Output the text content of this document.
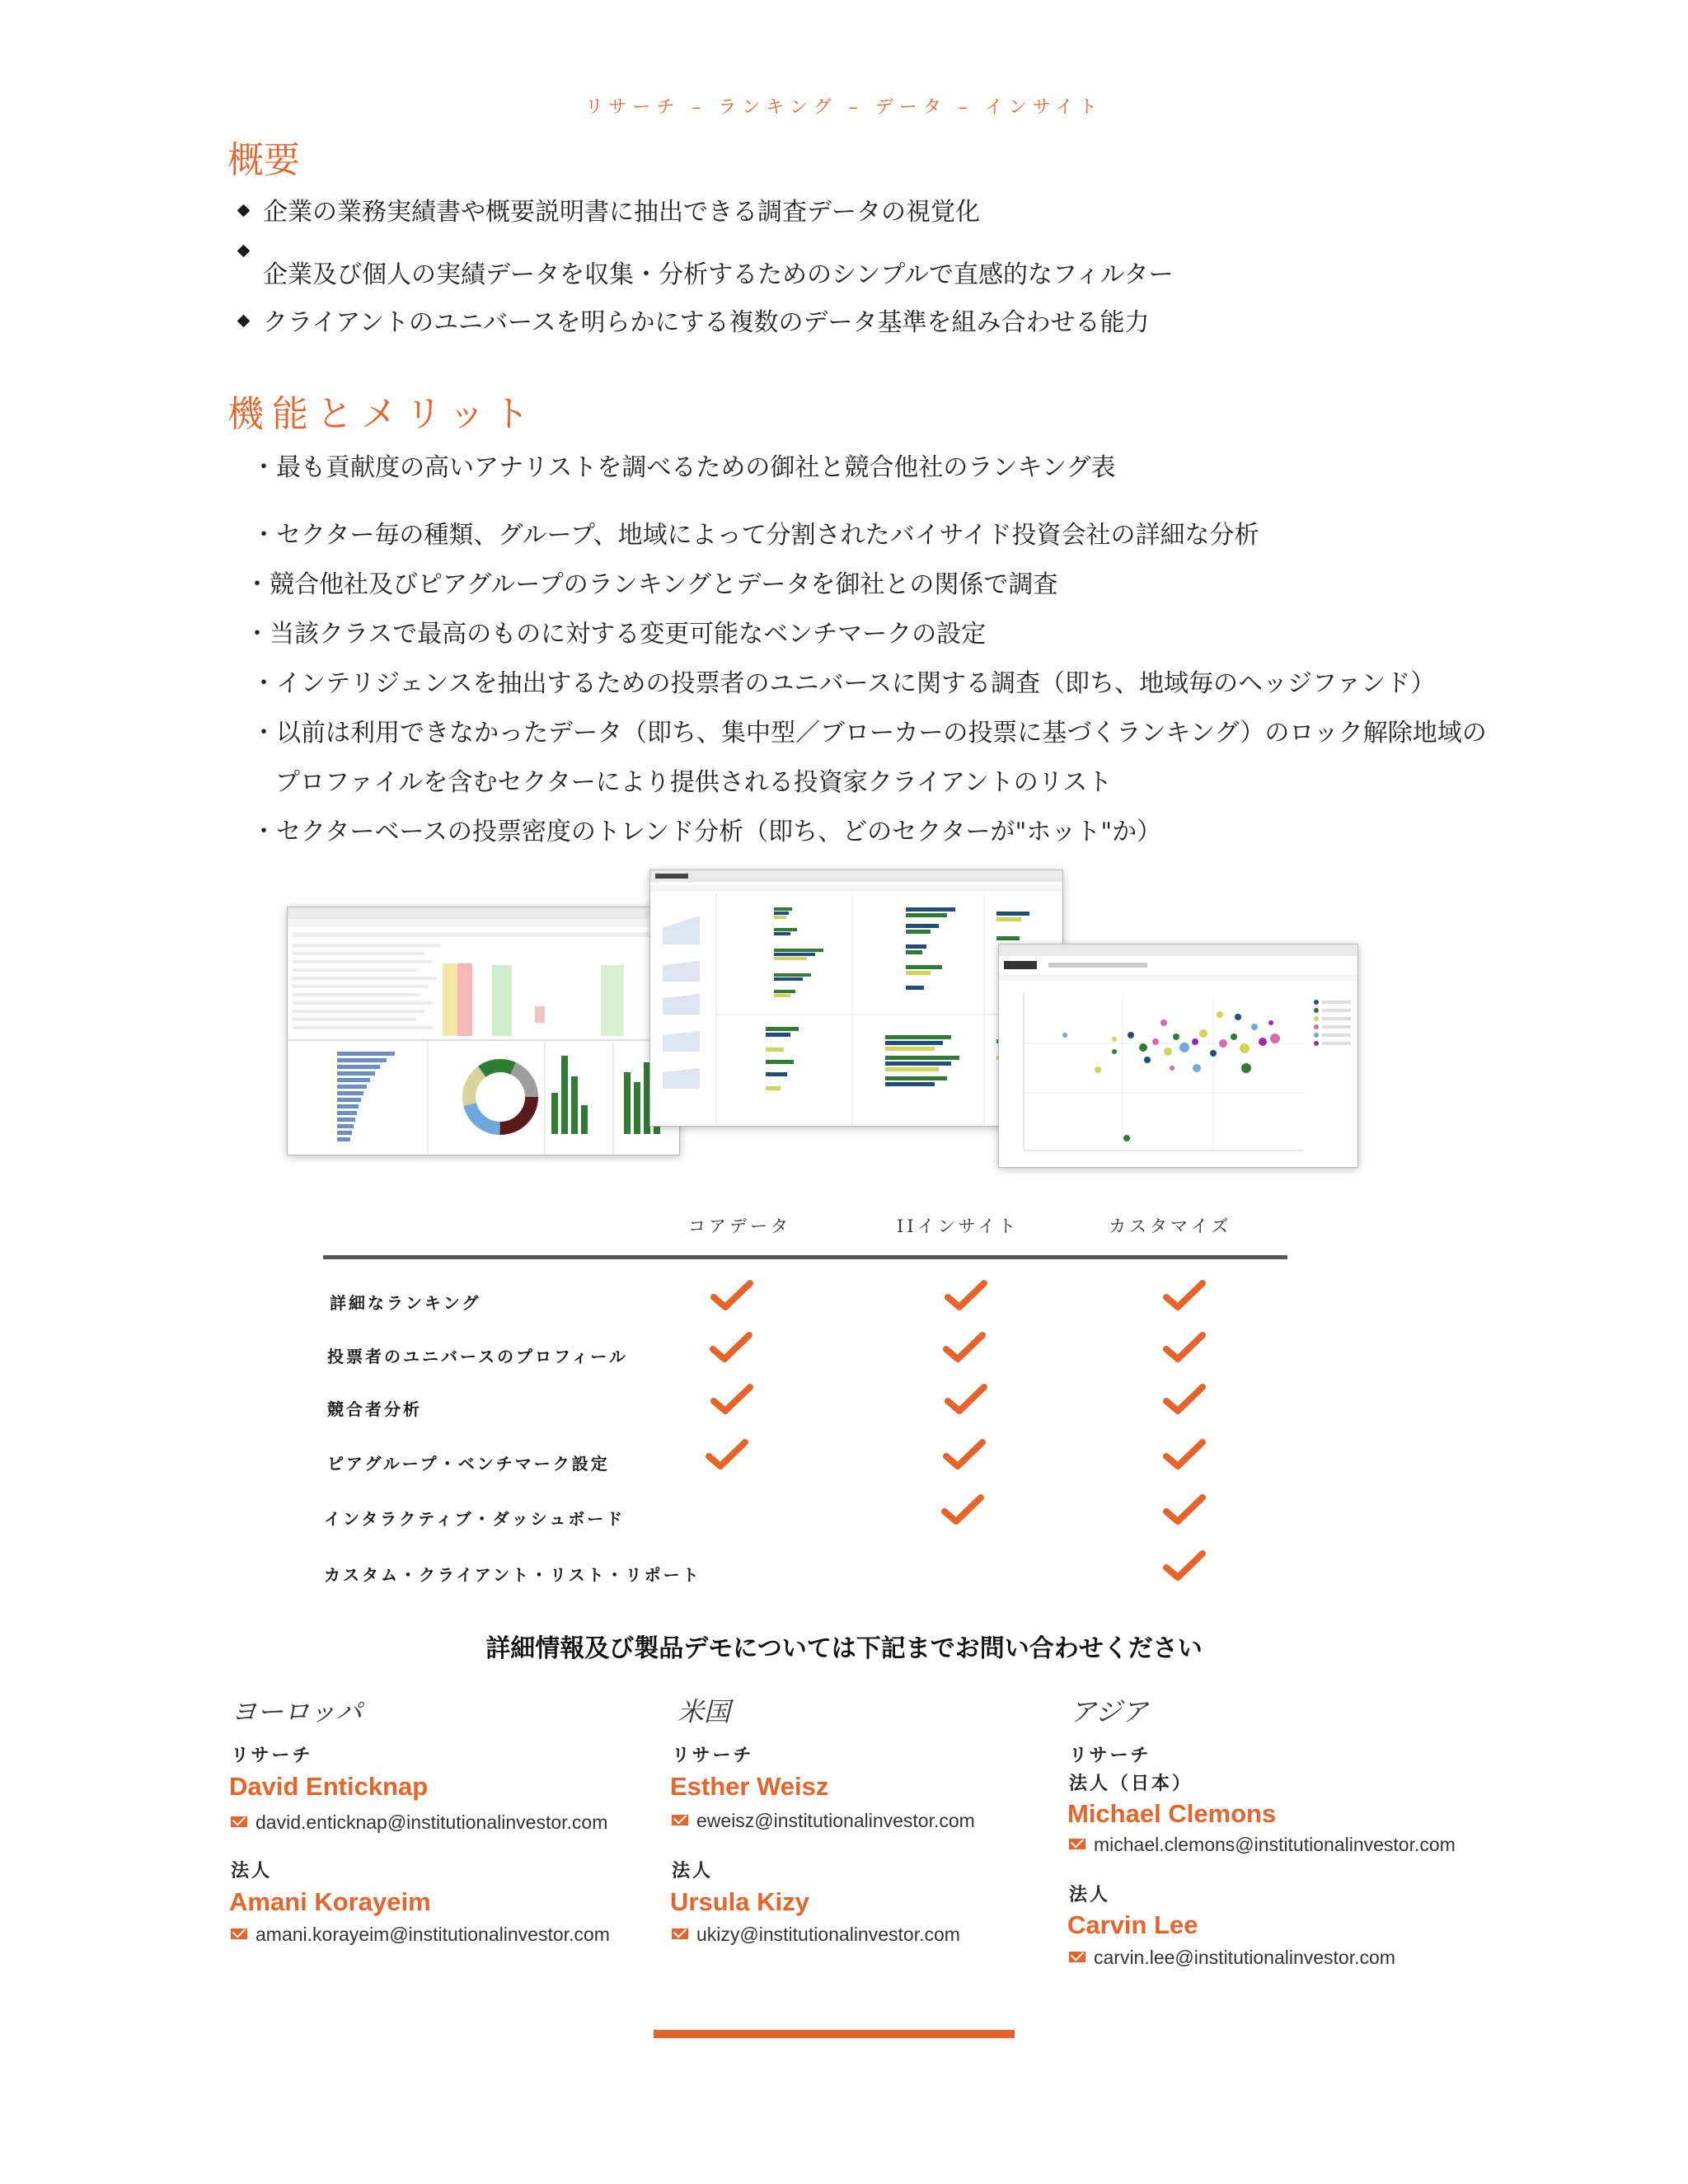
リサーチ – ランキング – データ – インサイト
概要
企業の業務実績書や概要説明書に抽出できる調査データの視覚化
企業及び個人の実績データを収集・分析するためのシンプルで直感的なフィルター
クライアントのユニバースを明らかにする複数のデータ基準を組み合わせる能力
機能とメリット
・最も貢献度の高いアナリストを調べるための御社と競合他社のランキング表
・セクター毎の種類、グループ、地域によって分割されたバイサイド投資会社の詳細な分析
・競合他社及びピアグループのランキングとデータを御社との関係で調査
・当該クラスで最高のものに対する変更可能なベンチマークの設定
・インテリジェンスを抽出するための投票者のユニバースに関する調査（即ち、地域毎のヘッジファンド）
・以前は利用できなかったデータ（即ち、集中型／ブローカーの投票に基づくランキング）のロック解除地域の
プロファイルを含むセクターにより提供される投資家クライアントのリスト
・セクターベースの投票密度のトレンド分析（即ち、どのセクターが"ホット"か）
コアデータ	IIインサイト	カスタマイズ
詳細なランキング
投票者のユニバースのプロフィール
競合者分析
ピアグループ・ベンチマーク設定
インタラクティブ・ダッシュボード
カスタム・クライアント・リスト・リポート
詳細情報及び製品デモについては下記までお問い合わせください
ヨーロッパ
リサーチ
David Enticknap
david.enticknap@institutionalinvestor.com
法人
Amani Korayeim
amani.korayeim@institutionalinvestor.com
米国
リサーチ
Esther Weisz
eweisz@institutionalinvestor.com
法人
Ursula Kizy
ukizy@institutionalinvestor.com
アジア
リサーチ
法人（日本）
Michael Clemons
michael.clemons@institutionalinvestor.com
法人
Carvin Lee
carvin.lee@institutionalinvestor.com
